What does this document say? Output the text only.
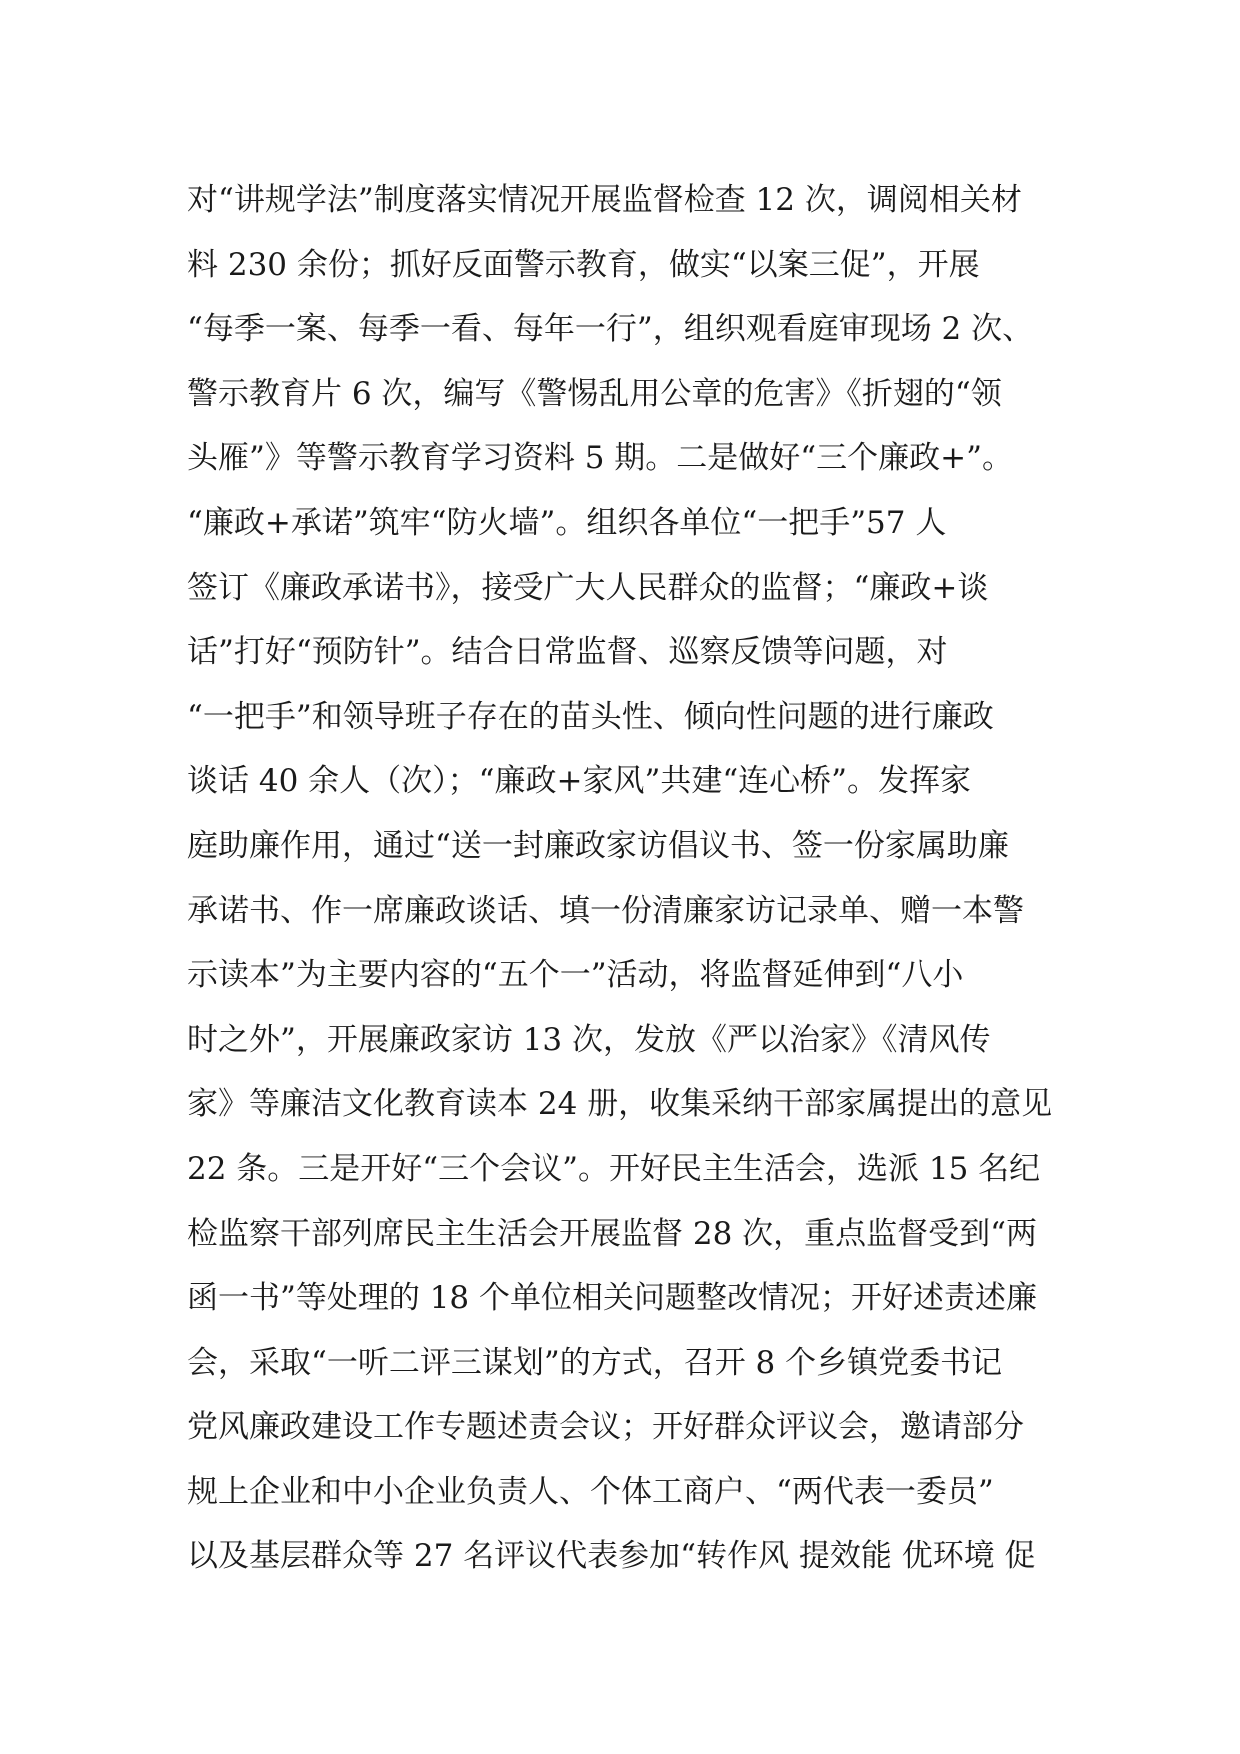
对“讲规学法”制度落实情况开展监督检查 12 次，调阅相关材
料 230 余份；抓好反面警示教育，做实“以案三促”，开展
“每季一案、每季一看、每年一行”，组织观看庭审现场 2 次、
警示教育片 6 次，编写《警惕乱用公章的危害》《折翅的“领
头雁”》等警示教育学习资料 5 期。二是做好“三个廉政+”。
“廉政+承诺”筑牢“防火墙”。组织各单位“一把手”57 人
签订《廉政承诺书》，接受广大人民群众的监督；“廉政+谈
话”打好“预防针”。结合日常监督、巡察反馈等问题，对
“一把手”和领导班子存在的苗头性、倾向性问题的进行廉政
谈话 40 余人（次）；“廉政+家风”共建“连心桥”。发挥家
庭助廉作用，通过“送一封廉政家访倡议书、签一份家属助廉
承诺书、作一席廉政谈话、填一份清廉家访记录单、赠一本警
示读本”为主要内容的“五个一”活动，将监督延伸到“八小
时之外”，开展廉政家访 13 次，发放《严以治家》《清风传
家》等廉洁文化教育读本 24 册，收集采纳干部家属提出的意见
22 条。三是开好“三个会议”。开好民主生活会，选派 15 名纪
检监察干部列席民主生活会开展监督 28 次，重点监督受到“两
函一书”等处理的 18 个单位相关问题整改情况；开好述责述廉
会，采取“一听二评三谋划”的方式，召开 8 个乡镇党委书记
党风廉政建设工作专题述责会议；开好群众评议会，邀请部分
规上企业和中小企业负责人、个体工商户、“两代表一委员”
以及基层群众等 27 名评议代表参加“转作风 提效能 优环境 促
